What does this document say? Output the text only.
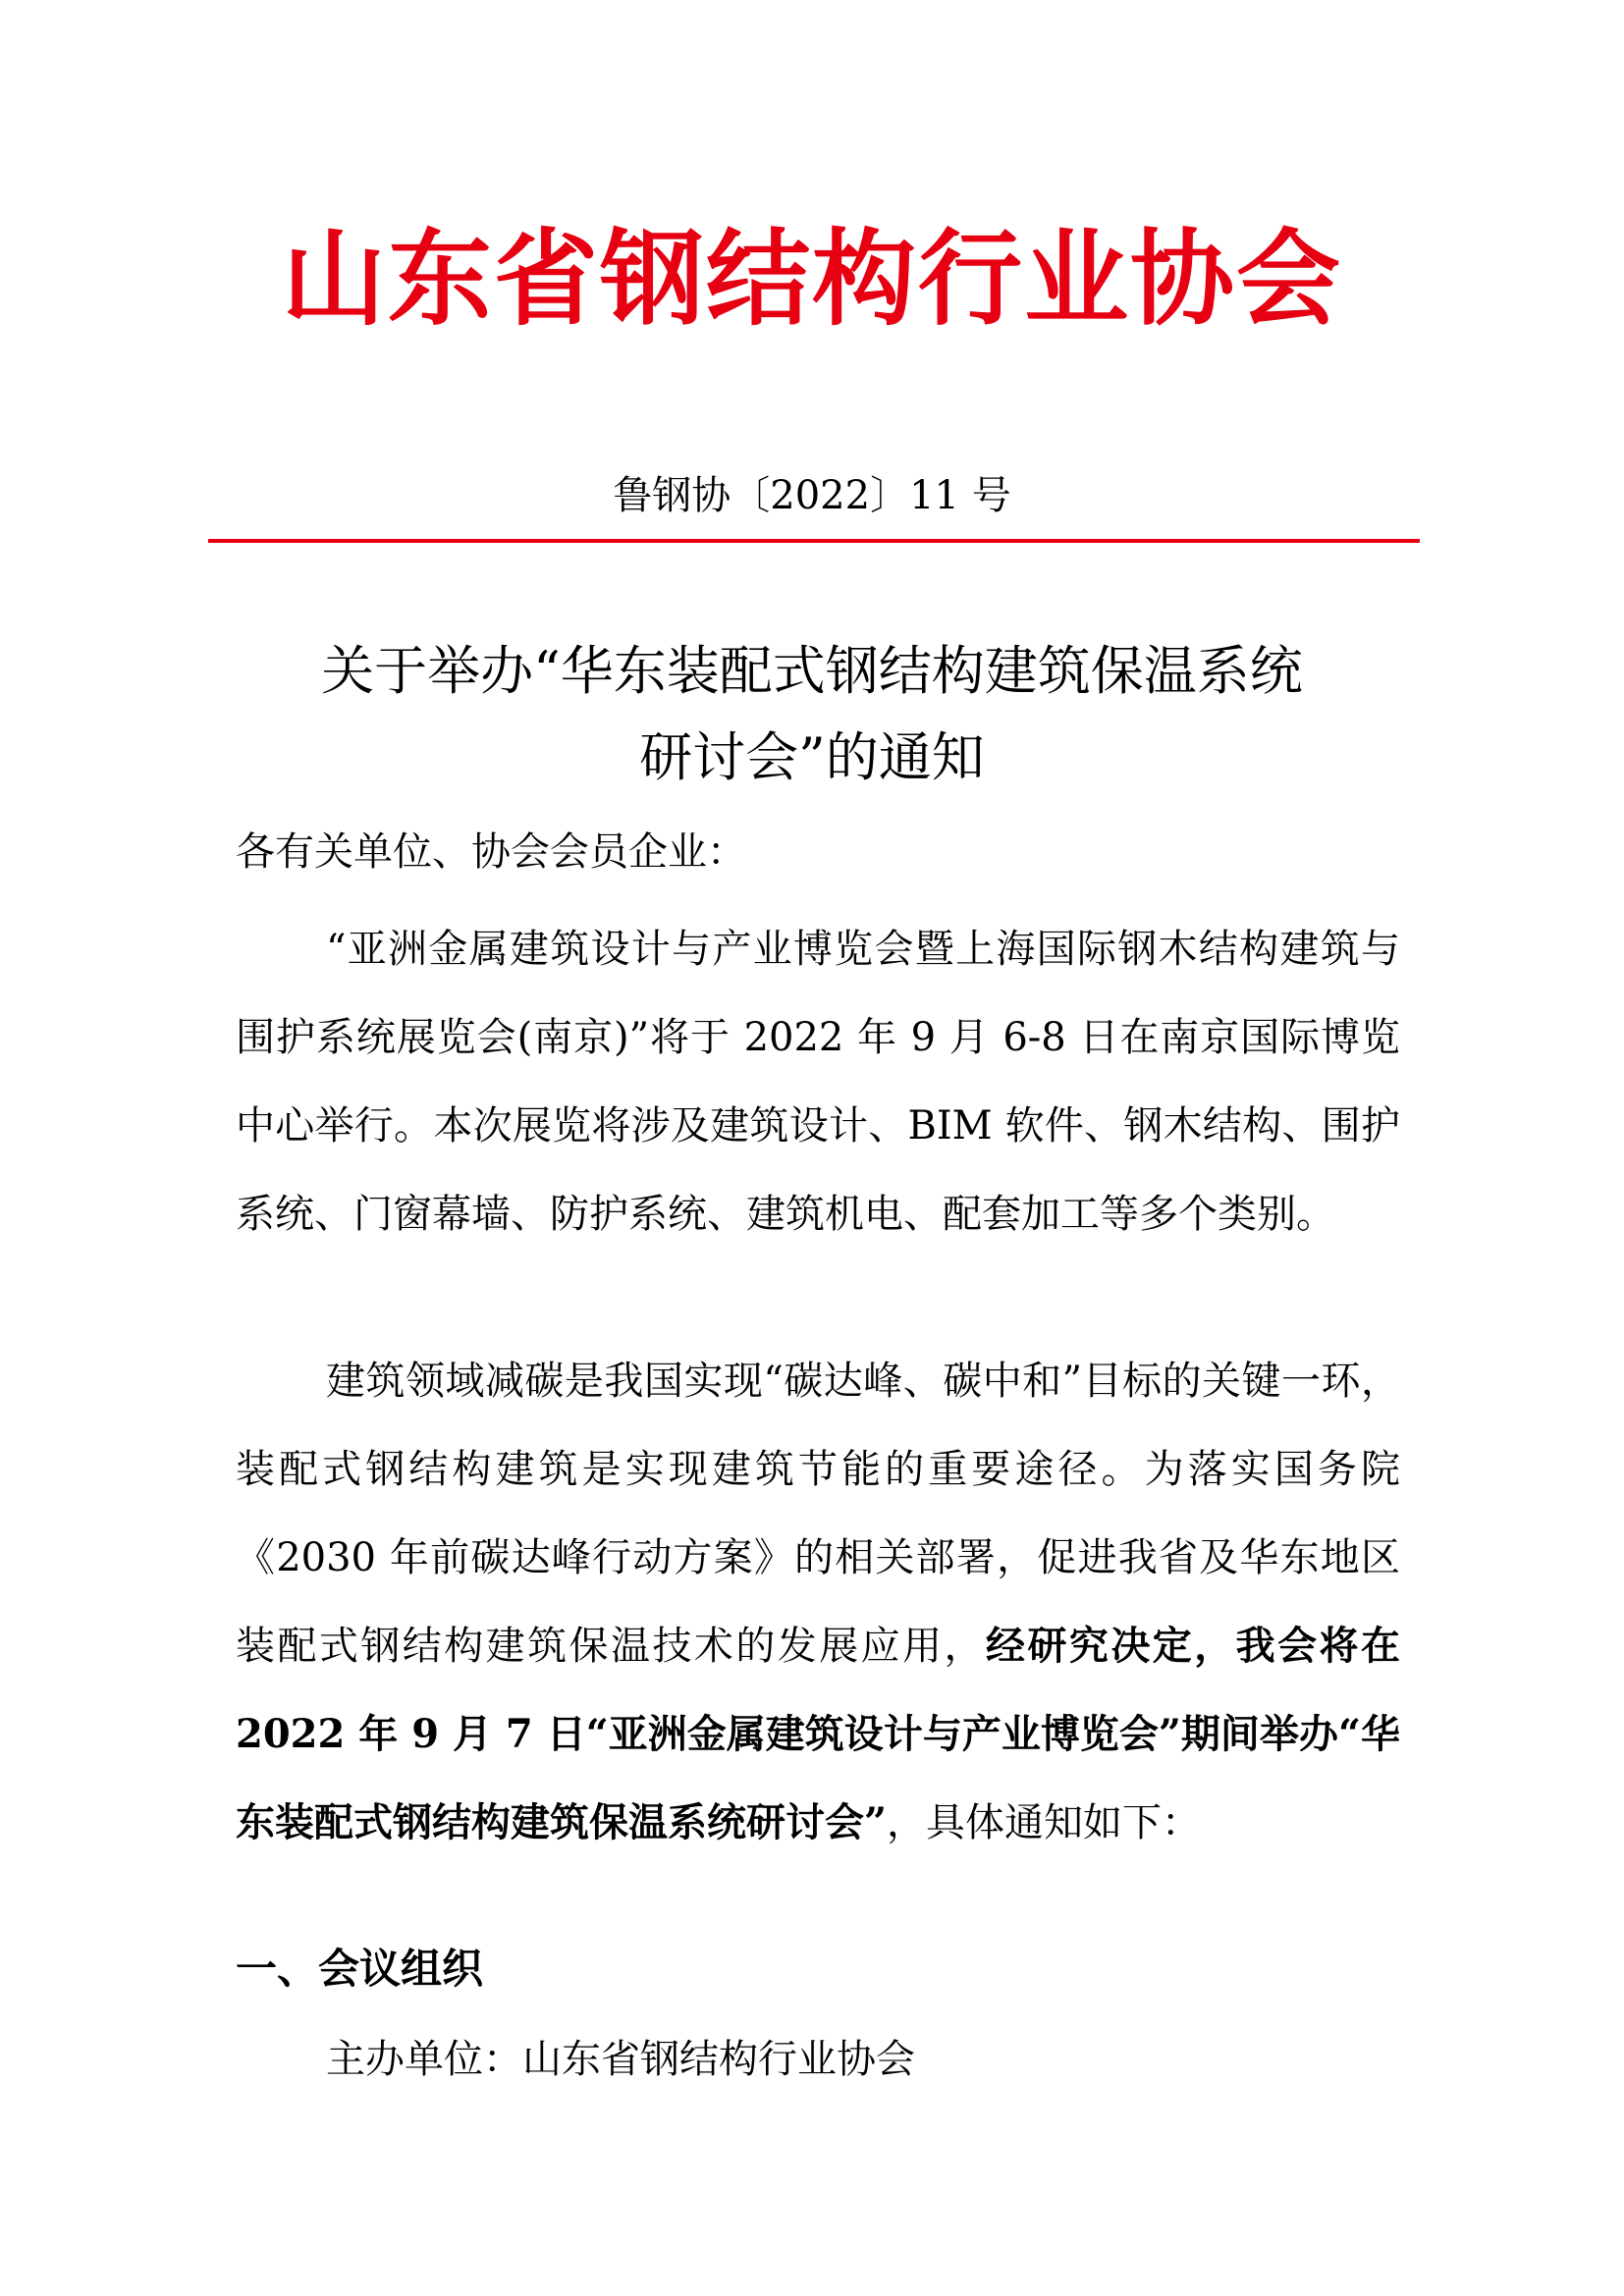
山东省钢结构行业协会
鲁钢协〔2022〕11 号
关于举办“华东装配式钢结构建筑保温系统
研讨会”的通知
各有关单位、协会会员企业：

“亚洲金属建筑设计与产业博览会暨上海国际钢木结构建筑与围护系统展览会(南京)”将于 2022 年 9 月 6-8 日在南京国际博览中心举行。本次展览将涉及建筑设计、BIM 软件、钢木结构、围护系统、门窗幕墙、防护系统、建筑机电、配套加工等多个类别。

建筑领域减碳是我国实现“碳达峰、碳中和”目标的关键一环，装配式钢结构建筑是实现建筑节能的重要途径。为落实国务院《2030 年前碳达峰行动方案》的相关部署，促进我省及华东地区装配式钢结构建筑保温技术的发展应用，经研究决定，我会将在 2022 年 9 月 7 日“亚洲金属建筑设计与产业博览会”期间举办“华东装配式钢结构建筑保温系统研讨会”，具体通知如下：

一、会议组织
主办单位：山东省钢结构行业协会
